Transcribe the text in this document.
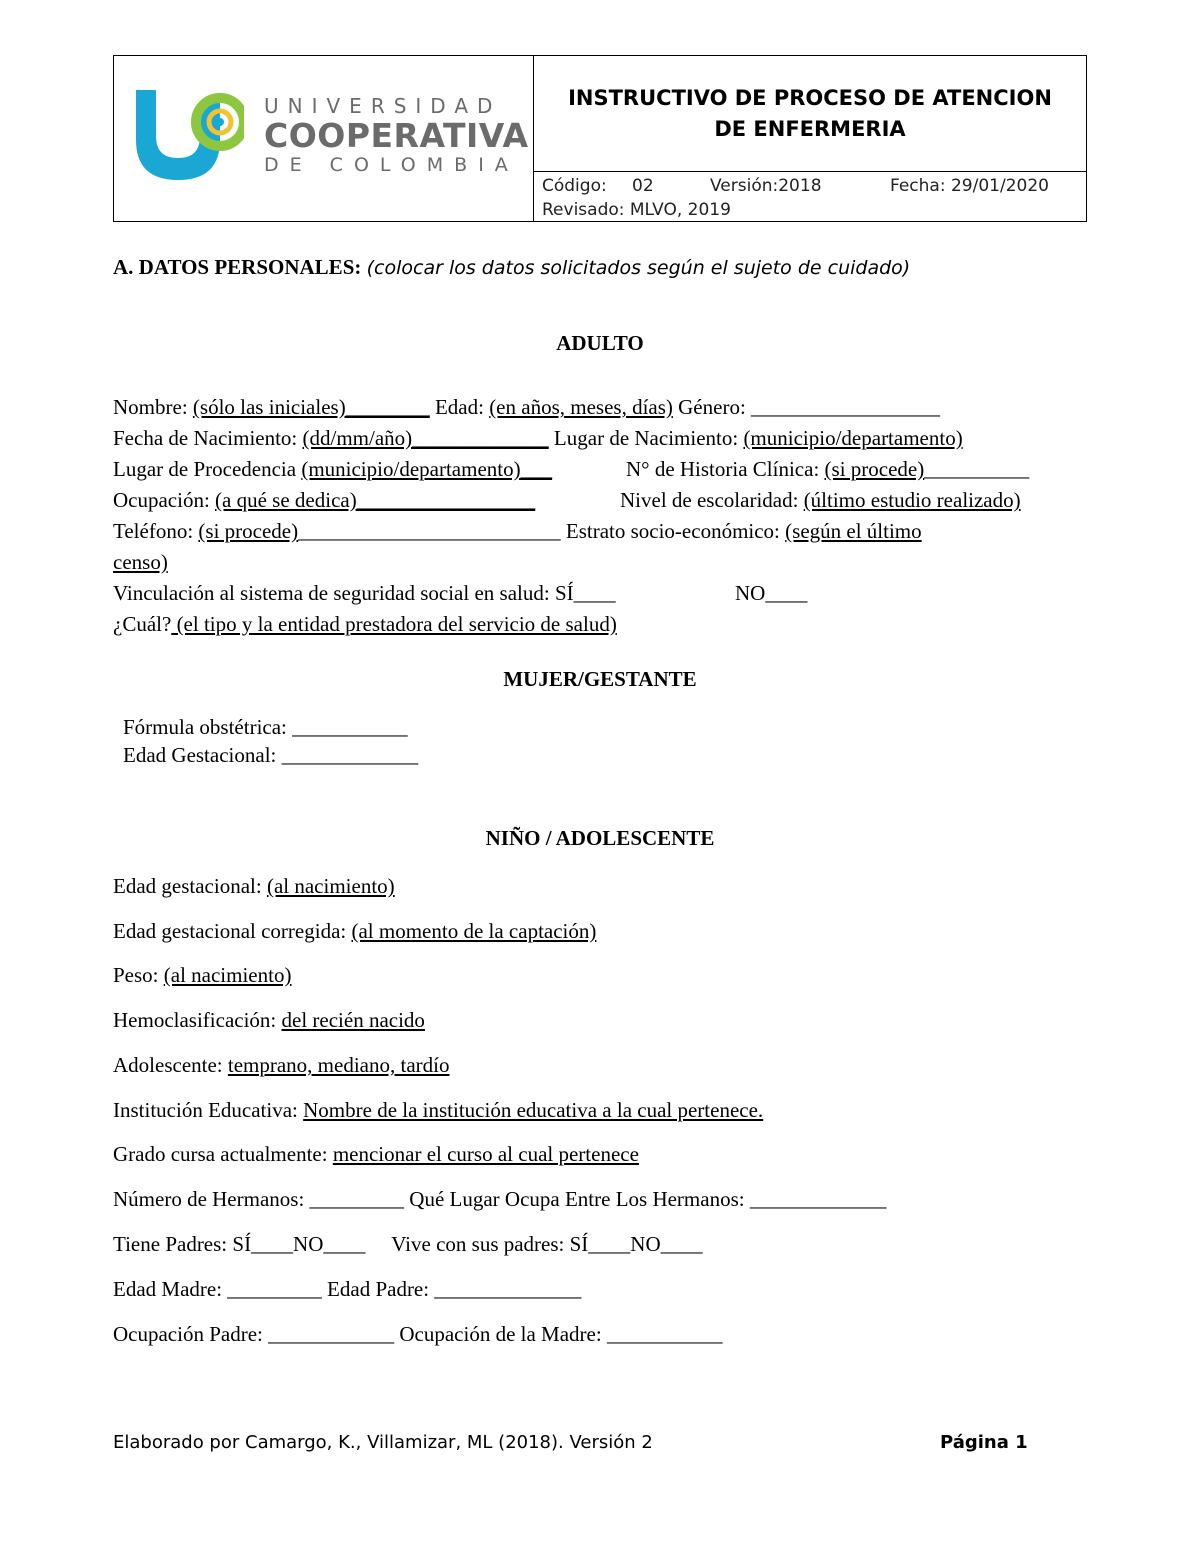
UNIVERSIDAD
COOPERATIVA
DE COLOMBIA
INSTRUCTIVO DE PROCESO DE ATENCION
DE ENFERMERIA
Código: 02	Versión:2018	Fecha: 29/01/2020
Revisado: MLVO, 2019
A. DATOS PERSONALES: (colocar los datos solicitados según el sujeto de cuidado)
ADULTO
Nombre: (sólo las iniciales)________ Edad: (en años, meses, días) Género: __________________
Fecha de Nacimiento: (dd/mm/año)_____________ Lugar de Nacimiento: (municipio/departamento)
Lugar de Procedencia (municipio/departamento)___	N° de Historia Clínica: (si procede)__________
Ocupación: (a qué se dedica)_________________	Nivel de escolaridad: (último estudio realizado)
Teléfono: (si procede)_________________________ Estrato socio-económico: (según el último
censo)
Vinculación al sistema de seguridad social en salud: SÍ____	NO____
¿Cuál? (el tipo y la entidad prestadora del servicio de salud)
MUJER/GESTANTE
Fórmula obstétrica: ___________
Edad Gestacional: _____________
NIÑO / ADOLESCENTE
Edad gestacional: (al nacimiento)
Edad gestacional corregida: (al momento de la captación)
Peso: (al nacimiento)
Hemoclasificación: del recién nacido
Adolescente: temprano, mediano, tardío
Institución Educativa: Nombre de la institución educativa a la cual pertenece.
Grado cursa actualmente: mencionar el curso al cual pertenece
Número de Hermanos: _________ Qué Lugar Ocupa Entre Los Hermanos: _____________
Tiene Padres: SÍ____NO____     Vive con sus padres: SÍ____NO____
Edad Madre: _________ Edad Padre: ______________
Ocupación Padre: ____________ Ocupación de la Madre: ___________
Elaborado por Camargo, K., Villamizar, ML (2018). Versión 2	Página 1
